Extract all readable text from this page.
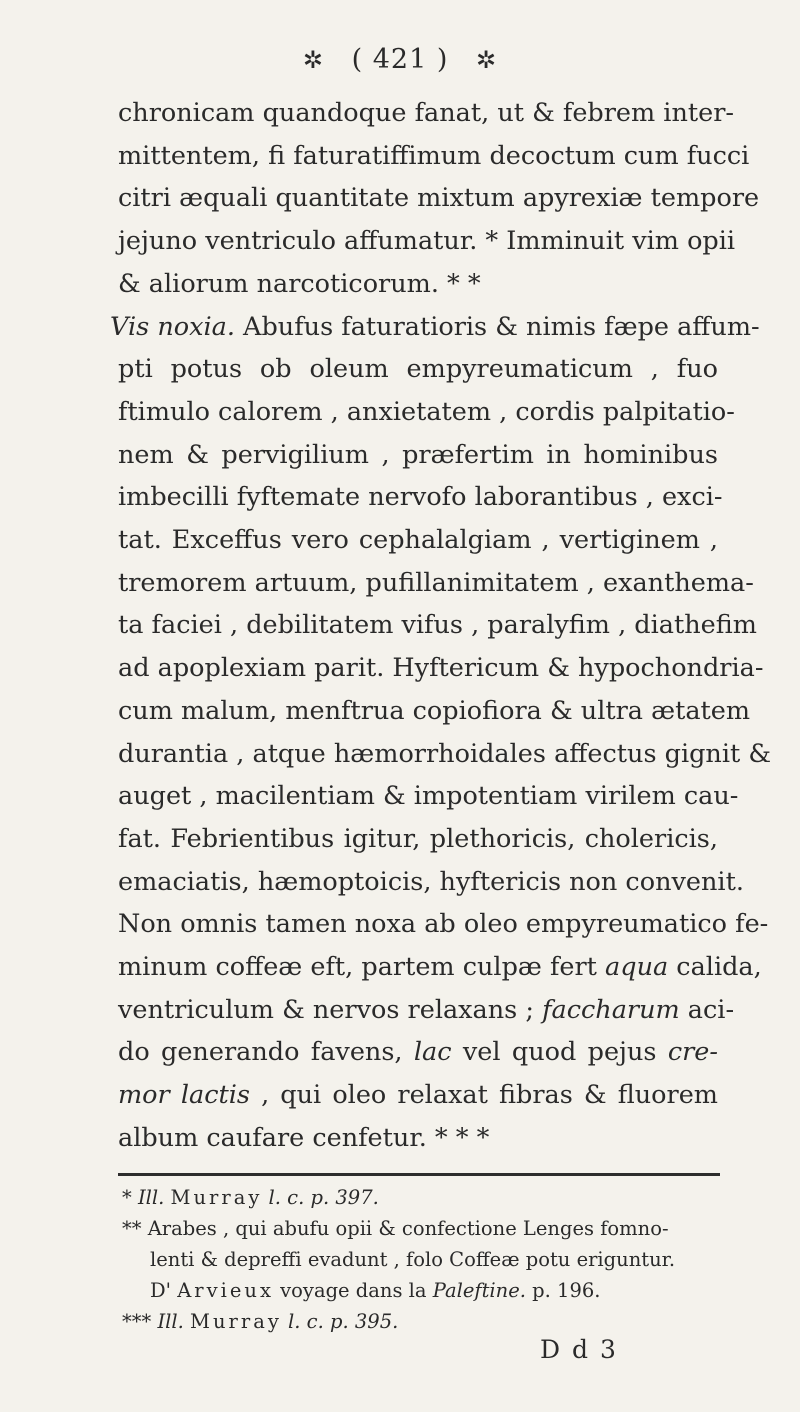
✲ ( 421 ) ✲
chronicam quandoque fanat, ut & febrem inter-
mittentem, fi faturatiffimum decoctum cum fucci
citri æquali quantitate mixtum apyrexiæ tempore
jejuno ventriculo affumatur. * Imminuit vim opii
& aliorum narcoticorum. * *
Vis noxia. Abufus faturatioris & nimis fæpe affum-
pti potus ob oleum empyreumaticum , fuo
ftimulo calorem , anxietatem , cordis palpitatio-
nem & pervigilium , præfertim in hominibus
imbecilli fyftemate nervofo laborantibus , exci-
tat. Exceffus vero cephalalgiam , vertiginem ,
tremorem artuum, pufillanimitatem , exanthema-
ta faciei , debilitatem vifus , paralyfim , diathefim
ad apoplexiam parit. Hyftericum & hypochondria-
cum malum, menftrua copiofiora & ultra ætatem
durantia , atque hæmorrhoidales affectus gignit &
auget , macilentiam & impotentiam virilem cau-
fat. Febrientibus igitur, plethoricis, cholericis,
emaciatis, hæmoptoicis, hyftericis non convenit.
Non omnis tamen noxa ab oleo empyreumatico fe-
minum coffeæ eft, partem culpæ fert aqua calida,
ventriculum & nervos relaxans ; faccharum aci-
do generando favens, lac vel quod pejus cre-
mor lactis , qui oleo relaxat fibras & fluorem
album caufare cenfetur. * * *
* Ill. Murray l. c. p. 397.
** Arabes , qui abufu opii & confectione Lenges fomno-
lenti & depreffi evadunt , folo Coffeæ potu eriguntur.
D' Arvieux voyage dans la Paleftine. p. 196.
*** Ill. Murray l. c. p. 395.
D d 3
